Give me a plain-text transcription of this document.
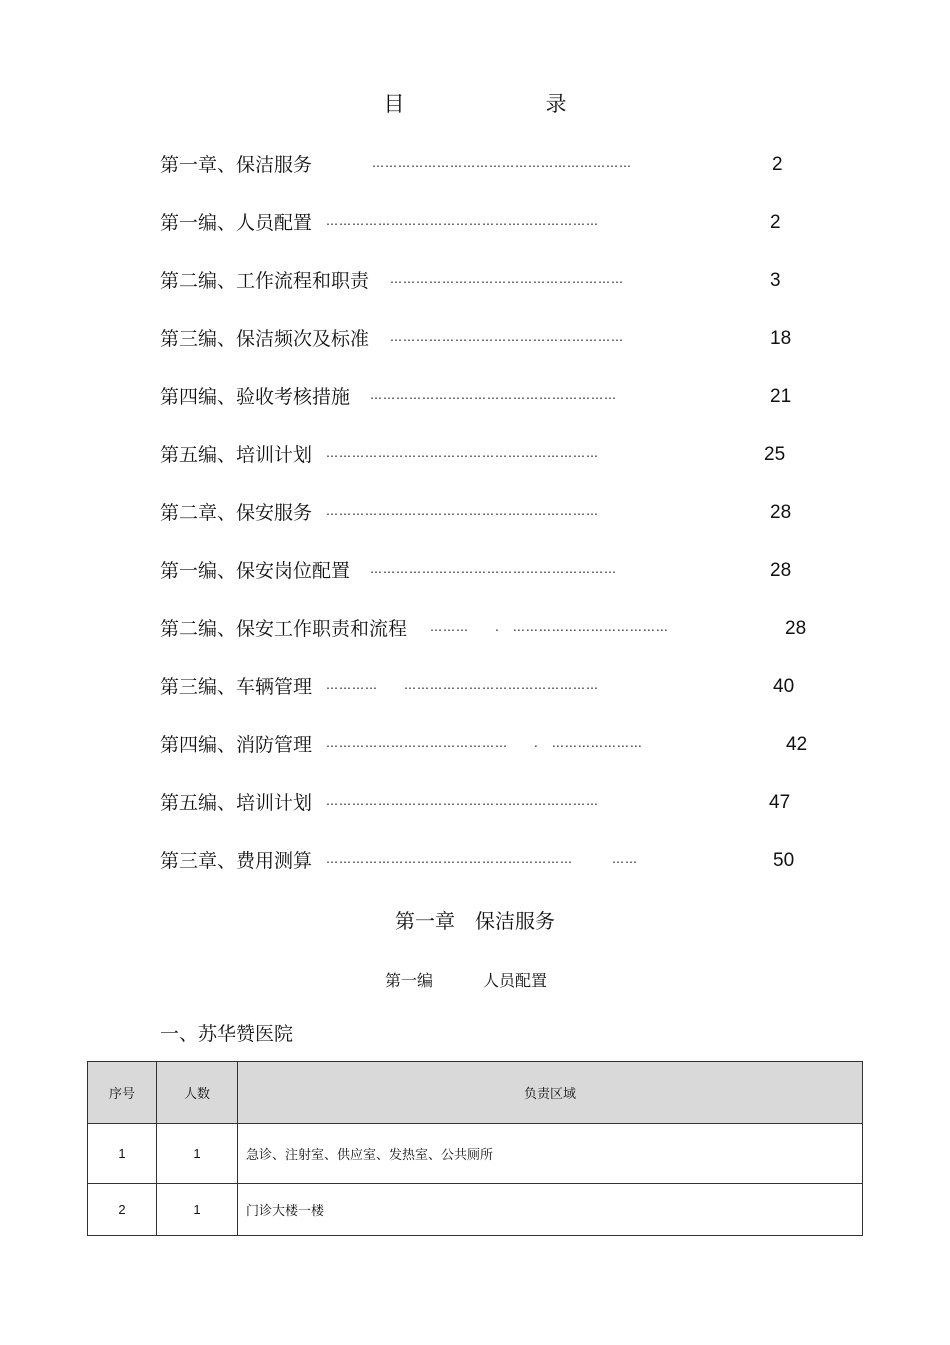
目　录
第一章、保洁服务	……………………………………………………	2
第一编、人员配置 ………………………………………………………	2
第二编、工作流程和职责 ………………………………………………	3
第三编、保洁频次及标准 ………………………………………………	18
第四编、验收考核措施 …………………………………………………	21
第五编、培训计划 ………………………………………………………	25
第二章、保安服务 ………………………………………………………	28
第一编、保安岗位配置 …………………………………………………	28
第二编、保安工作职责和流程 ………　　.　………………………………	28
第三编、车辆管理 …………　　………………………………………	40
第四编、消防管理 ……………………………………　　.　…………………	42
第五编、培训计划 ………………………………………………………	47
第三章、费用测算 …………………………………………………　　　……	50
第一章　保洁服务
第一编	人员配置
一、苏华赞医院
序号	人数	负责区域
1	1	急诊、注射室、供应室、发热室、公共厕所
2	1	门诊大楼一楼
